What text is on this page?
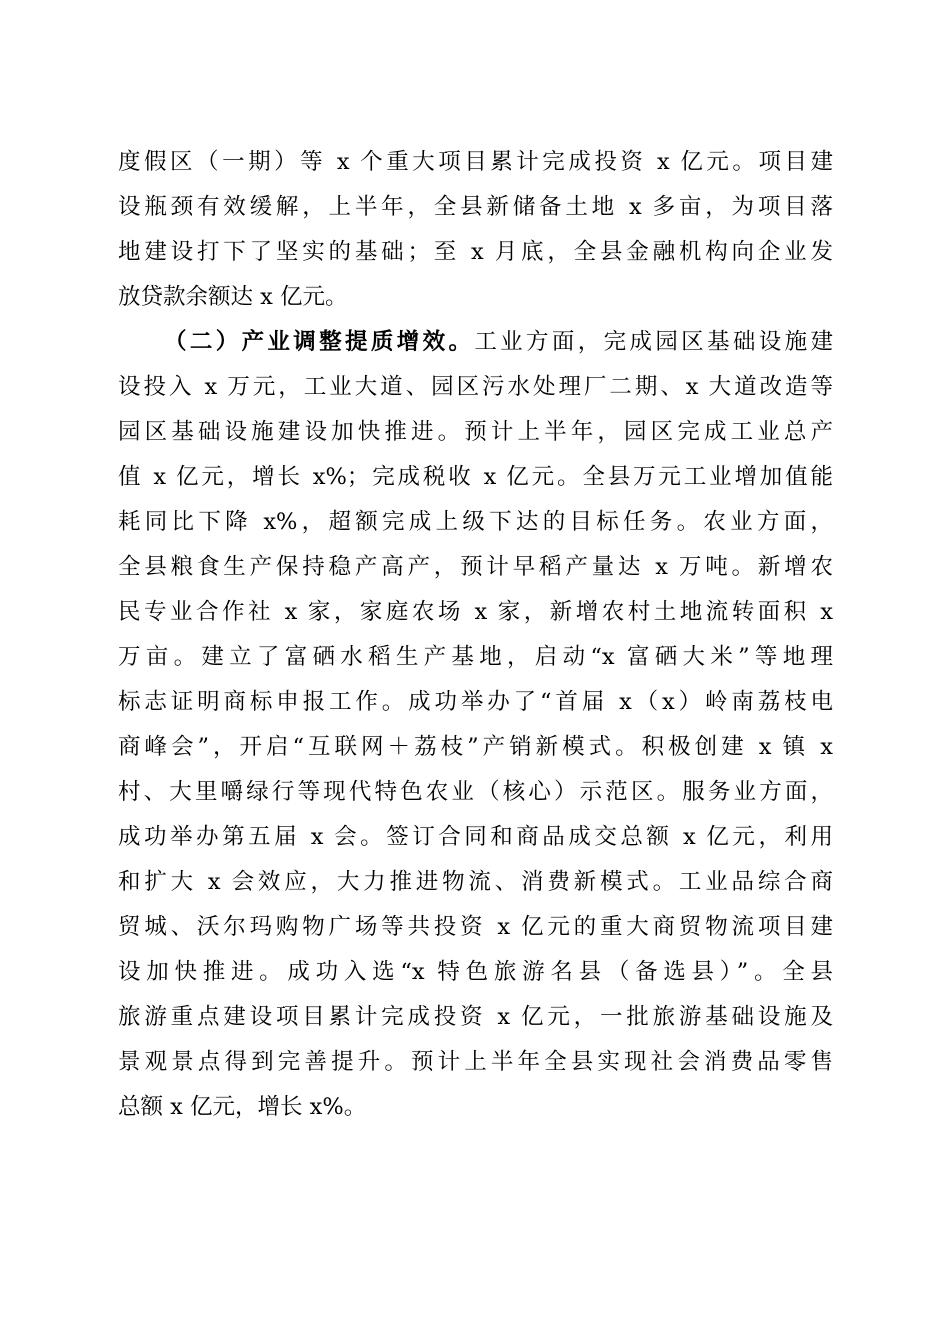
度假区（一期）等 x 个重大项目累计完成投资 x 亿元。项目建
设瓶颈有效缓解，上半年，全县新储备土地 x 多亩，为项目落
地建设打下了坚实的基础；至 x 月底，全县金融机构向企业发
放贷款余额达 x 亿元。
（二）产业调整提质增效。工业方面，完成园区基础设施建
设投入 x 万元，工业大道、园区污水处理厂二期、x 大道改造等
园区基础设施建设加快推进。预计上半年，园区完成工业总产
值 x 亿元，增长 x%；完成税收 x 亿元。全县万元工业增加值能
耗同比下降 x%，超额完成上级下达的目标任务。农业方面，
全县粮食生产保持稳产高产，预计早稻产量达 x 万吨。新增农
民专业合作社 x 家，家庭农场 x 家，新增农村土地流转面积 x
万亩。建立了富硒水稻生产基地，启动“x 富硒大米”等地理
标志证明商标申报工作。成功举办了“首届 x（x）岭南荔枝电
商峰会”，开启“互联网＋荔枝”产销新模式。积极创建 x 镇 x
村、大里嚼绿行等现代特色农业（核心）示范区。服务业方面，
成功举办第五届 x 会。签订合同和商品成交总额 x 亿元，利用
和扩大 x 会效应，大力推进物流、消费新模式。工业品综合商
贸城、沃尔玛购物广场等共投资 x 亿元的重大商贸物流项目建
设加快推进。成功入选“x 特色旅游名县（备选县）”。全县
旅游重点建设项目累计完成投资 x 亿元，一批旅游基础设施及
景观景点得到完善提升。预计上半年全县实现社会消费品零售
总额 x 亿元，增长 x%。
